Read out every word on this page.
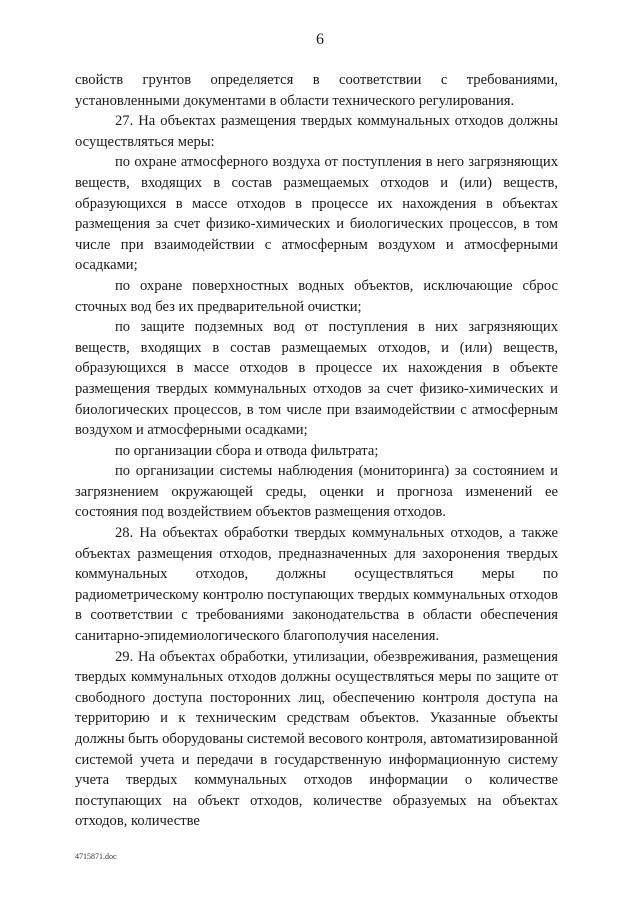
6

свойств грунтов определяется в соответствии с требованиями, установленными документами в области технического регулирования.

27. На объектах размещения твердых коммунальных отходов должны осуществляться меры:

по охране атмосферного воздуха от поступления в него загрязняющих веществ, входящих в состав размещаемых отходов и (или) веществ, образующихся в массе отходов в процессе их нахождения в объектах размещения за счет физико-химических и биологических процессов, в том числе при взаимодействии с атмосферным воздухом и атмосферными осадками;

по охране поверхностных водных объектов, исключающие сброс сточных вод без их предварительной очистки;

по защите подземных вод от поступления в них загрязняющих веществ, входящих в состав размещаемых отходов, и (или) веществ, образующихся в массе отходов в процессе их нахождения в объекте размещения твердых коммунальных отходов за счет физико-химических и биологических процессов, в том числе при взаимодействии с атмосферным воздухом и атмосферными осадками;

по организации сбора и отвода фильтрата;

по организации системы наблюдения (мониторинга) за состоянием и загрязнением окружающей среды, оценки и прогноза изменений ее состояния под воздействием объектов размещения отходов.

28. На объектах обработки твердых коммунальных отходов, а также объектах размещения отходов, предназначенных для захоронения твердых коммунальных отходов, должны осуществляться меры по радиометрическому контролю поступающих твердых коммунальных отходов в соответствии с требованиями законодательства в области обеспечения санитарно-эпидемиологического благополучия населения.

29. На объектах обработки, утилизации, обезвреживания, размещения твердых коммунальных отходов должны осуществляться меры по защите от свободного доступа посторонних лиц, обеспечению контроля доступа на территорию и к техническим средствам объектов. Указанные объекты должны быть оборудованы системой весового контроля, автоматизированной системой учета и передачи в государственную информационную систему учета твердых коммунальных отходов информации о количестве поступающих на объект отходов, количестве образуемых на объектах отходов, количестве

4715871.doc
